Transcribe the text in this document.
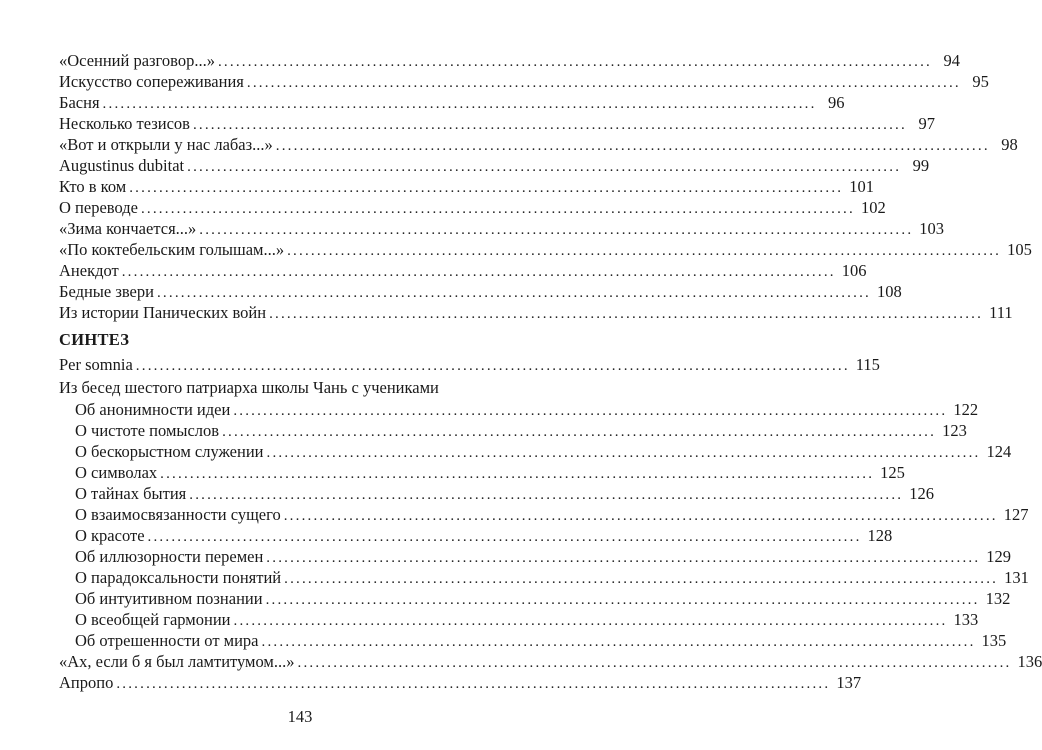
«Осенний разговор...» ........................................................................................................................ 94
Искусство сопереживания ........................................................................................................................ 95
Басня ........................................................................................................................ 96
Несколько тезисов ........................................................................................................................ 97
«Вот и открыли у нас лабаз...» ........................................................................................................................ 98
Augustinus dubitat ........................................................................................................................ 99
Кто в ком ........................................................................................................................ 101
О переводе ........................................................................................................................ 102
«Зима кончается...» ........................................................................................................................ 103
«По коктебельским голышам...» ........................................................................................................................ 105
Анекдот ........................................................................................................................ 106
Бедные звери ........................................................................................................................ 108
Из истории Панических войн ........................................................................................................................ 111
СИНТЕЗ
Per somnia ........................................................................................................................ 115
Из бесед шестого патриарха школы Чань с учениками
Об анонимности идеи ........................................................................................................................ 122
О чистоте помыслов ........................................................................................................................ 123
О бескорыстном служении ........................................................................................................................ 124
О символах ........................................................................................................................ 125
О тайнах бытия ........................................................................................................................ 126
О взаимосвязанности сущего ........................................................................................................................ 127
О красоте ........................................................................................................................ 128
Об иллюзорности перемен ........................................................................................................................ 129
О парадоксальности понятий ........................................................................................................................ 131
Об интуитивном познании ........................................................................................................................ 132
О всеобщей гармонии ........................................................................................................................ 133
Об отрешенности от мира ........................................................................................................................ 135
«Ах, если б я был ламтитумом...» ........................................................................................................................ 136
Апропо ........................................................................................................................ 137
143
